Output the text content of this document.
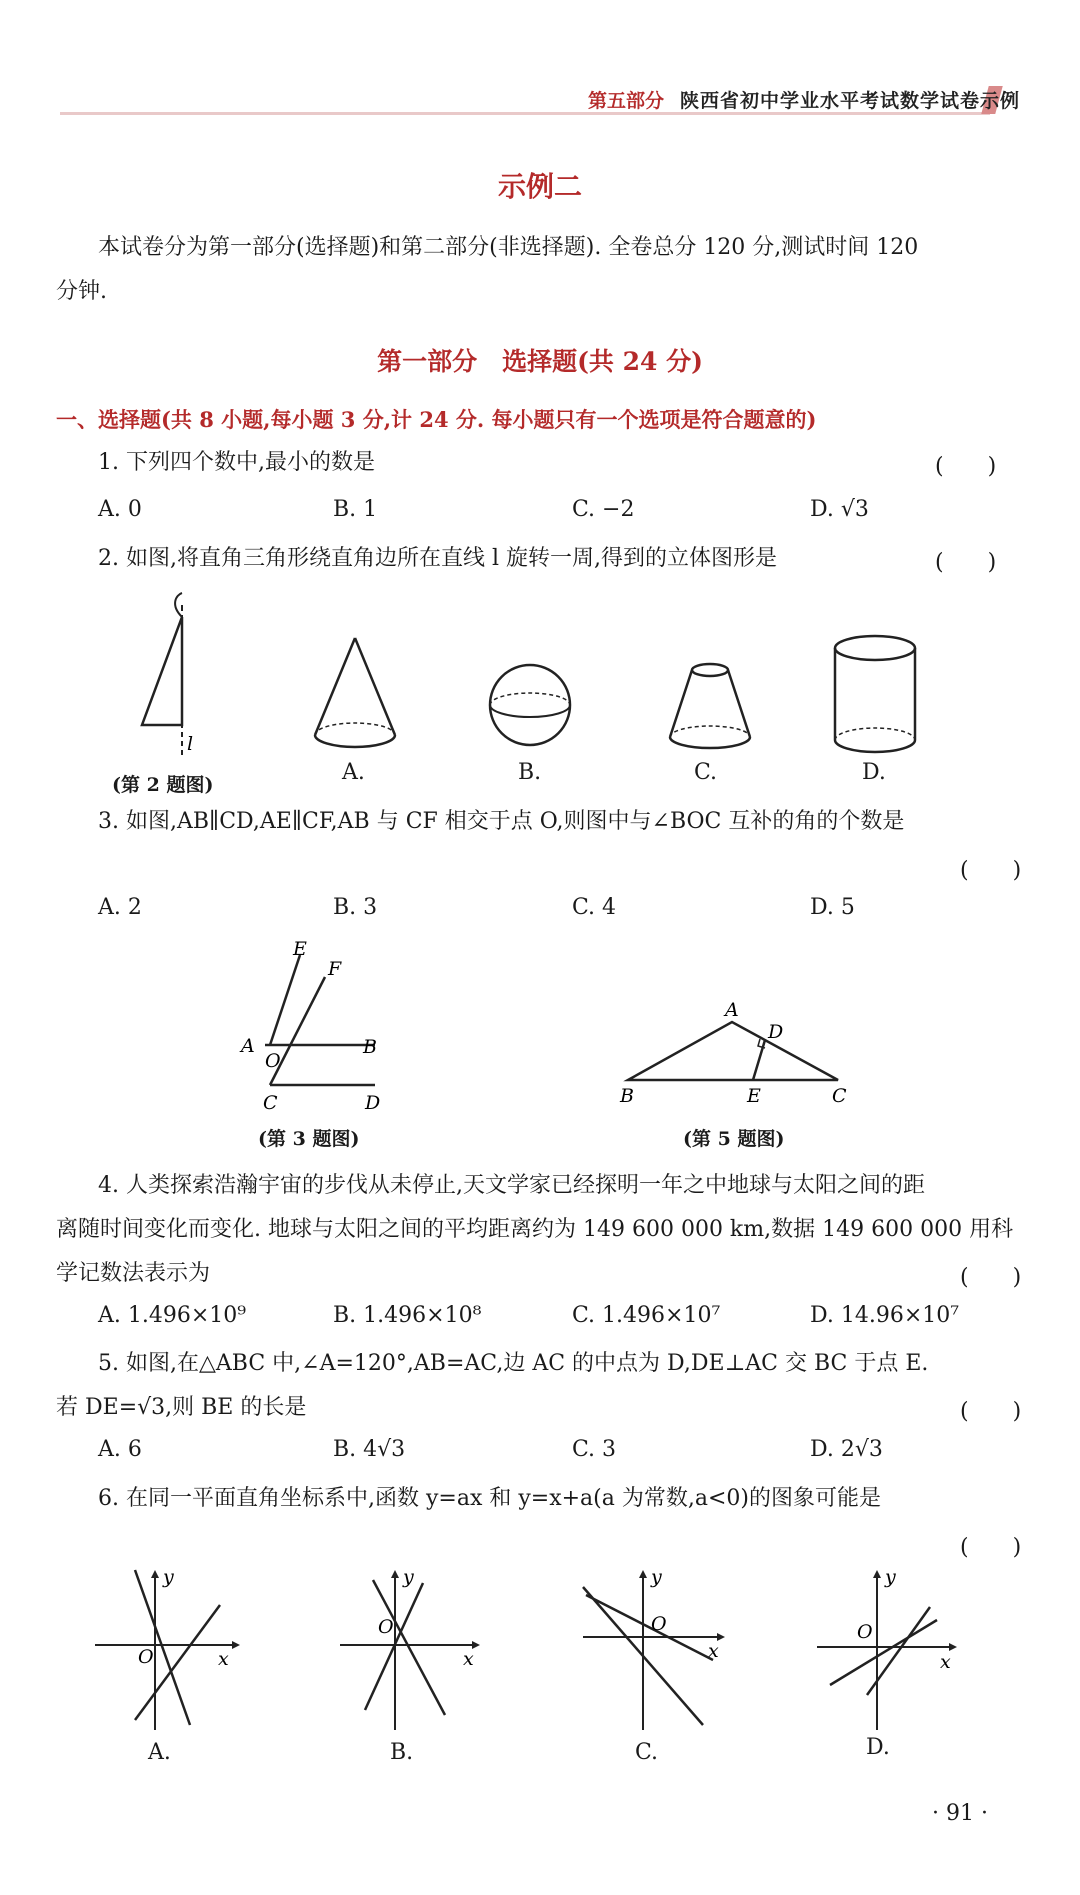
第五部分 陕西省初中学业水平考试数学试卷示例
示例二
本试卷分为第一部分(选择题)和第二部分(非选择题). 全卷总分 120 分,测试时间 120
分钟.
第一部分　选择题(共 24 分)
一、选择题(共 8 小题,每小题 3 分,计 24 分. 每小题只有一个选项是符合题意的)
1. 下列四个数中,最小的数是	(　　)
A. 0	B. 1	C. −2	D. √3
2. 如图,将直角三角形绕直角边所在直线 l 旋转一周,得到的立体图形是	(　　)
l
(第 2 题图)	A.	B.	C.	D.
3. 如图,AB∥CD,AE∥CF,AB 与 CF 相交于点 O,则图中与∠BOC 互补的角的个数是
(　　)
A. 2	B. 3	C. 4	D. 5
E
F
A	B
O
C	D
(第 3 题图)
A
D
B	E	C
(第 5 题图)
4. 人类探索浩瀚宇宙的步伐从未停止,天文学家已经探明一年之中地球与太阳之间的距
离随时间变化而变化. 地球与太阳之间的平均距离约为 149 600 000 km,数据 149 600 000 用科
学记数法表示为	(　　)
A. 1.496×10⁹	B. 1.496×10⁸	C. 1.496×10⁷	D. 14.96×10⁷
5. 如图,在△ABC 中,∠A=120°,AB=AC,边 AC 的中点为 D,DE⊥AC 交 BC 于点 E.
若 DE=√3,则 BE 的长是	(　　)
A. 6	B. 4√3	C. 3	D. 2√3
6. 在同一平面直角坐标系中,函数 y=ax 和 y=x+a(a 为常数,a<0)的图象可能是
(　　)
y
x
O
A.
y
x
O
B.
y
x
O
C.
y
x
O
D.
· 91 ·
